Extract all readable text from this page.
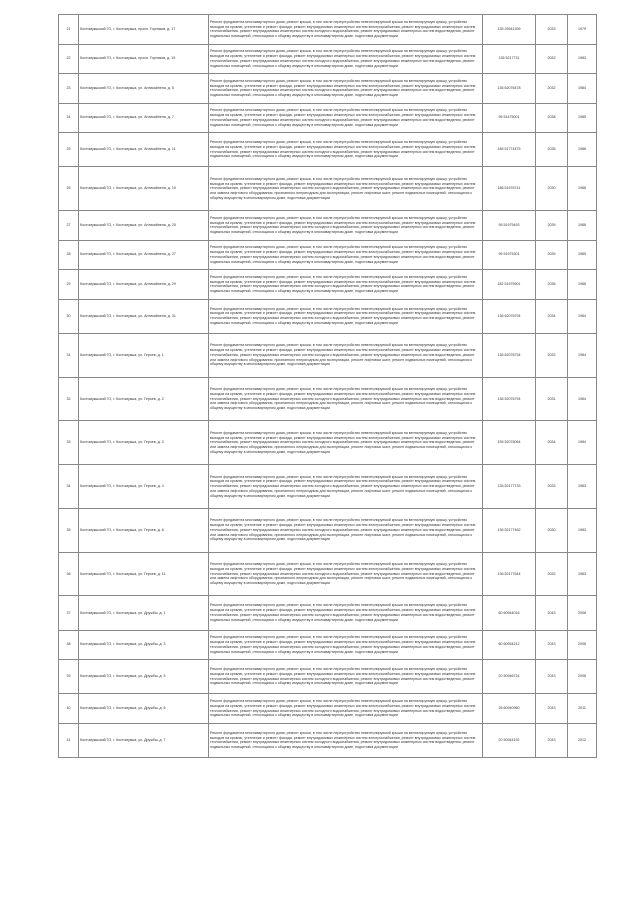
21	Костомукшский ГО, г. Костомукша, просп. Горняков, д. 17	Ремонт фундамента многоквартирного дома, ремонт крыши, в том числе переустройство невентилируемой крыши на вентилируемую крышу, устройство выходов на кровлю, утепление и ремонт фасада, ремонт внутридомовых инженерных систем электроснабжения, ремонт внутридомовых инженерных систем теплоснабжения, ремонт внутридомовых инженерных систем холодного водоснабжения, ремонт внутридомовых инженерных систем водоотведения, ремонт подвальных помещений, относящихся к общему имуществу в многоквартирном доме, подготовка документации	135 29541399	2033	1979
22	Костомукшский ГО, г. Костомукша, просп. Горняков, д. 19	Ремонт фундамента многоквартирного дома, ремонт крыши, в том числе переустройство невентилируемой крыши на вентилируемую крышу, устройство выходов на кровлю, утепление и ремонт фасада, ремонт внутридомовых инженерных систем электроснабжения, ремонт внутридомовых инженерных систем теплоснабжения, ремонт внутридомовых инженерных систем холодного водоснабжения, ремонт внутридомовых инженерных систем водоотведения, ремонт подвальных помещений, относящихся к общему имуществу в многоквартирном доме, подготовка документации	135 5217731	2032	1983
23	Костомукшский ГО, г. Костомукша, ул. Антикайнена, д. 5	Ремонт фундамента многоквартирного дома, ремонт крыши, в том числе переустройство невентилируемой крыши на вентилируемую крышу, устройство выходов на кровлю, утепление и ремонт фасада, ремонт внутридомовых инженерных систем электроснабжения, ремонт внутридомовых инженерных систем теплоснабжения, ремонт внутридомовых инженерных систем холодного водоснабжения, ремонт внутридомовых инженерных систем водоотведения, ремонт подвальных помещений, относящихся к общему имуществу в многоквартирном доме, подготовка документации	136 62076478	2032	1984
24	Костомукшский ГО, г. Костомукша, ул. Антикайнена, д. 7	Ремонт фундамента многоквартирного дома, ремонт крыши, в том числе переустройство невентилируемой крыши на вентилируемую крышу, устройство выходов на кровлю, утепление и ремонт фасада, ремонт внутридомовых инженерных систем электроснабжения, ремонт внутридомовых инженерных систем теплоснабжения, ремонт внутридомовых инженерных систем холодного водоснабжения, ремонт внутридомовых инженерных систем водоотведения, ремонт подвальных помещений, относящихся к общему имуществу в многоквартирном доме, подготовка документации	95 51475001	2038	1985
25	Костомукшский ГО, г. Костомукша, ул. Антикайнена, д. 11	Ремонт фундамента многоквартирного дома, ремонт крыши, в том числе переустройство невентилируемой крыши на вентилируемую крышу, устройство выходов на кровлю, утепление и ремонт фасада, ремонт внутридомовых инженерных систем электроснабжения, ремонт внутридомовых инженерных систем теплоснабжения, ремонт внутридомовых инженерных систем холодного водоснабжения, ремонт внутридомовых инженерных систем водоотведения, ремонт подвальных помещений, относящихся к общему имуществу в многоквартирном доме, подготовка документации	185 51774475	2035	1986
26	Костомукшский ГО, г. Костомукша, ул. Антикайнена, д. 19	Ремонт фундамента многоквартирного дома, ремонт крыши, в том числе переустройство невентилируемой крыши на вентилируемую крышу, устройство выходов на кровлю, утепление и ремонт фасада, ремонт внутридомовых инженерных систем электроснабжения, ремонт внутридомовых инженерных систем теплоснабжения, ремонт внутридомовых инженерных систем холодного водоснабжения, ремонт внутридомовых инженерных систем водоотведения, ремонт или замена лифтового оборудования, признанного непригодным для эксплуатации, ремонт лифтовых шахт, ремонт подвальных помещений, относящихся к общему имуществу в многоквартирном доме, подготовка документации	186 51976741	2030	1986
27	Костомукшский ГО, г. Костомукша, ул. Антикайнена, д. 25	Ремонт фундамента многоквартирного дома, ремонт крыши, в том числе переустройство невентилируемой крыши на вентилируемую крышу, устройство выходов на кровлю, утепление и ремонт фасада, ремонт внутридомовых инженерных систем электроснабжения, ремонт внутридомовых инженерных систем теплоснабжения, ремонт внутридомовых инженерных систем холодного водоснабжения, ремонт внутридомовых инженерных систем водоотведения, ремонт подвальных помещений, относящихся к общему имуществу в многоквартирном доме, подготовка документации	95 51975493	2039	1986
28	Костомукшский ГО, г. Костомукша, ул. Антикайнена, д. 27	Ремонт фундамента многоквартирного дома, ремонт крыши, в том числе переустройство невентилируемой крыши на вентилируемую крышу, устройство выходов на кровлю, утепление и ремонт фасада, ремонт внутридомовых инженерных систем электроснабжения, ремонт внутридомовых инженерных систем теплоснабжения, ремонт внутридомовых инженерных систем холодного водоснабжения, ремонт внутридомовых инженерных систем водоотведения, ремонт подвальных помещений, относящихся к общему имуществу в многоквартирном доме, подготовка документации	95 51975301	2039	1985
29	Костомукшский ГО, г. Костомукша, ул. Антикайнена, д. 29	Ремонт фундамента многоквартирного дома, ремонт крыши, в том числе переустройство невентилируемой крыши на вентилируемую крышу, устройство выходов на кровлю, утепление и ремонт фасада, ремонт внутридомовых инженерных систем электроснабжения, ремонт внутридомовых инженерных систем теплоснабжения, ремонт внутридомовых инженерных систем холодного водоснабжения, ремонт внутридомовых инженерных систем водоотведения, ремонт подвальных помещений, относящихся к общему имуществу в многоквартирном доме, подготовка документации	182 51975901	2036	1986
30	Костомукшский ГО, г. Костомукша, ул. Антикайнена, д. 31	Ремонт фундамента многоквартирного дома, ремонт крыши, в том числе переустройство невентилируемой крыши на вентилируемую крышу, устройство выходов на кровлю, утепление и ремонт фасада, ремонт внутридомовых инженерных систем электроснабжения, ремонт внутридомовых инженерных систем теплоснабжения, ремонт внутридомовых инженерных систем холодного водоснабжения, ремонт внутридомовых инженерных систем водоотведения, ремонт подвальных помещений, относящихся к общему имуществу в многоквартирном доме, подготовка документации	136 62076794	2034	1984
31	Костомукшский ГО, г. Костомукша, ул. Героев, д. 1	Ремонт фундамента многоквартирного дома, ремонт крыши, в том числе переустройство невентилируемой крыши на вентилируемую крышу, устройство выходов на кровлю, утепление и ремонт фасада, ремонт внутридомовых инженерных систем электроснабжения, ремонт внутридомовых инженерных систем теплоснабжения, ремонт внутридомовых инженерных систем холодного водоснабжения, ремонт внутридомовых инженерных систем водоотведения, ремонт или замена лифтового оборудования, признанного непригодным для эксплуатации, ремонт лифтовых шахт, ремонт подвальных помещений, относящихся к общему имуществу в многоквартирном доме, подготовка документации	136 62076734	2032	1984
32	Костомукшский ГО, г. Костомукша, ул. Героев, д. 2	Ремонт фундамента многоквартирного дома, ремонт крыши, в том числе переустройство невентилируемой крыши на вентилируемую крышу, устройство выходов на кровлю, утепление и ремонт фасада, ремонт внутридомовых инженерных систем электроснабжения, ремонт внутридомовых инженерных систем теплоснабжения, ремонт внутридомовых инженерных систем холодного водоснабжения, ремонт внутридомовых инженерных систем водоотведения, ремонт или замена лифтового оборудования, признанного непригодным для эксплуатации, ремонт лифтовых шахт, ремонт подвальных помещений, относящихся к общему имуществу в многоквартирном доме, подготовка документации	136 52076794	2031	1984
33	Костомукшский ГО, г. Костомукша, ул. Героев, д. 3	Ремонт фундамента многоквартирного дома, ремонт крыши, в том числе переустройство невентилируемой крыши на вентилируемую крышу, устройство выходов на кровлю, утепление и ремонт фасада, ремонт внутридомовых инженерных систем электроснабжения, ремонт внутридомовых инженерных систем теплоснабжения, ремонт внутридомовых инженерных систем холодного водоснабжения, ремонт внутридомовых инженерных систем водоотведения, ремонт или замена лифтового оборудования, признанного непригодным для эксплуатации, ремонт лифтовых шахт, ремонт подвальных помещений, относящихся к общему имуществу в многоквартирном доме, подготовка документации	155 52076064	2034	1984
34	Костомукшский ГО, г. Костомукша, ул. Героев, д. 4	Ремонт фундамента многоквартирного дома, ремонт крыши, в том числе переустройство невентилируемой крыши на вентилируемую крышу, устройство выходов на кровлю, утепление и ремонт фасада, ремонт внутридомовых инженерных систем электроснабжения, ремонт внутридомовых инженерных систем теплоснабжения, ремонт внутридомовых инженерных систем холодного водоснабжения, ремонт внутридомовых инженерных систем водоотведения, ремонт или замена лифтового оборудования, признанного непригодным для эксплуатации, ремонт лифтовых шахт, ремонт подвальных помещений, относящихся к общему имуществу в многоквартирном доме, подготовка документации	135 52177733	2033	1983
35	Костомукшский ГО, г. Костомукша, ул. Героев, д. 6	Ремонт фундамента многоквартирного дома, ремонт крыши, в том числе переустройство невентилируемой крыши на вентилируемую крышу, устройство выходов на кровлю, утепление и ремонт фасада, ремонт внутридомовых инженерных систем электроснабжения, ремонт внутридомовых инженерных систем теплоснабжения, ремонт внутридомовых инженерных систем холодного водоснабжения, ремонт внутридомовых инженерных систем водоотведения, ремонт или замена лифтового оборудования, признанного непригодным для эксплуатации, ремонт лифтовых шахт, ремонт подвальных помещений, относящихся к общему имуществу в многоквартирном доме, подготовка документации	136 52177462	2030	1983
36	Костомукшский ГО, г. Костомукша, ул. Героев, д. 11	Ремонт фундамента многоквартирного дома, ремонт крыши, в том числе переустройство невентилируемой крыши на вентилируемую крышу, устройство выходов на кровлю, утепление и ремонт фасада, ремонт внутридомовых инженерных систем электроснабжения, ремонт внутридомовых инженерных систем теплоснабжения, ремонт внутридомовых инженерных систем холодного водоснабжения, ремонт внутридомовых инженерных систем водоотведения, ремонт или замена лифтового оборудования, признанного непригодным для эксплуатации, ремонт лифтовых шахт, ремонт подвальных помещений, относящихся к общему имуществу в многоквартирном доме, подготовка документации	136 52177644	2032	1983
37	Костомукшский ГО, г. Костомукша, ул. Дружбы, д. 1	Ремонт фундамента многоквартирного дома, ремонт крыши, в том числе переустройство невентилируемой крыши на вентилируемую крышу, устройство выходов на кровлю, утепление и ремонт фасада, ремонт внутридомовых инженерных систем электроснабжения, ремонт внутридомовых инженерных систем теплоснабжения, ремонт внутридомовых инженерных систем холодного водоснабжения, ремонт внутридомовых инженерных систем водоотведения, ремонт подвальных помещений, относящихся к общему имуществу в многоквартирном доме, подготовка документации	60 60944016	2043	2008
38	Костомукшский ГО, г. Костомукша, ул. Дружбы, д. 3	Ремонт фундамента многоквартирного дома, ремонт крыши, в том числе переустройство невентилируемой крыши на вентилируемую крышу, устройство выходов на кровлю, утепление и ремонт фасада, ремонт внутридомовых инженерных систем электроснабжения, ремонт внутридомовых инженерных систем теплоснабжения, ремонт внутридомовых инженерных систем холодного водоснабжения, ремонт внутридомовых инженерных систем водоотведения, ремонт подвальных помещений, относящихся к общему имуществу в многоквартирном доме, подготовка документации	60 60954212	2043	2006
39	Костомукшский ГО, г. Костомукша, ул. Дружбы, д. 5	Ремонт фундамента многоквартирного дома, ремонт крыши, в том числе переустройство невентилируемой крыши на вентилируемую крышу, устройство выходов на кровлю, утепление и ремонт фасада, ремонт внутридомовых инженерных систем электроснабжения, ремонт внутридомовых инженерных систем теплоснабжения, ремонт внутридомовых инженерных систем холодного водоснабжения, ремонт внутридомовых инженерных систем водоотведения, ремонт подвальных помещений, относящихся к общему имуществу в многоквартирном доме, подготовка документации	20 50946724	2043	2006
40	Костомукшский ГО, г. Костомукша, ул. Дружбы, д. 6	Ремонт фундамента многоквартирного дома, ремонт крыши, в том числе переустройство невентилируемой крыши на вентилируемую крышу, устройство выходов на кровлю, утепление и ремонт фасада, ремонт внутридомовых инженерных систем электроснабжения, ремонт внутридомовых инженерных систем теплоснабжения, ремонт внутридомовых инженерных систем холодного водоснабжения, ремонт внутридомовых инженерных систем водоотведения, ремонт подвальных помещений, относящихся к общему имуществу в многоквартирном доме, подготовка документации	26 60940960	2043	2011
41	Костомукшский ГО, г. Костомукша, ул. Дружбы, д. 7	Ремонт фундамента многоквартирного дома, ремонт крыши, в том числе переустройство невентилируемой крыши на вентилируемую крышу, устройство выходов на кровлю, утепление и ремонт фасада, ремонт внутридомовых инженерных систем электроснабжения, ремонт внутридомовых инженерных систем теплоснабжения, ремонт внутридомовых инженерных систем холодного водоснабжения, ремонт внутридомовых инженерных систем водоотведения, ремонт подвальных помещений, относящихся к общему имуществу в многоквартирном доме, подготовка документации	20 50944192	2043	2012
